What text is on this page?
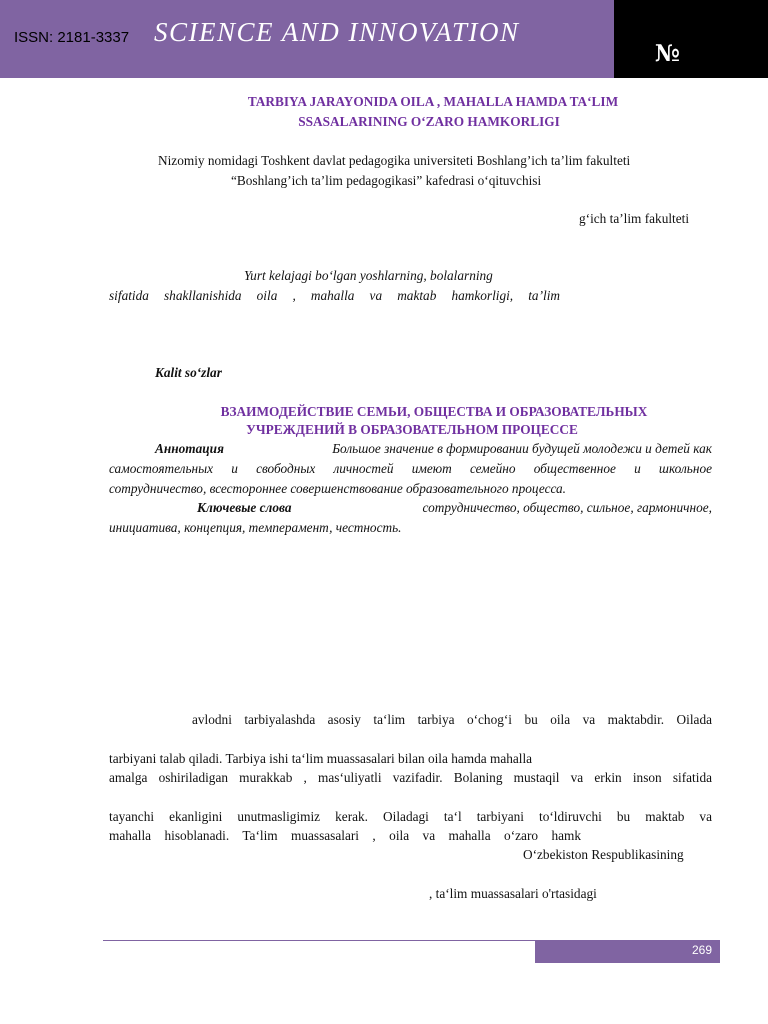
ISSN: 2181-3337 SCIENCE AND INNOVATION
№
TARBIYA JARAYONIDA OILA , MAHALLA HAMDA TA‘LIM
SSASALARINING O‘ZARO HAMKORLIGI
Nizomiy nomidagi Toshkent davlat pedagogika universiteti Boshlang’ich ta’lim fakulteti
“Boshlang’ich ta’lim pedagogikasi” kafedrasi o‘qituvchisi
g‘ich ta’lim fakulteti
Yurt kelajagi bo‘lgan yoshlarning, bolalarning
sifatida shakllanishida oila , mahalla va maktab hamkorligi, ta’lim
Kalit so‘zlar
ВЗАИМОДЕЙСТВИЕ СЕМЬИ, ОБЩЕСТВА И ОБРАЗОВАТЕЛЬНЫХ
УЧРЕЖДЕНИЙ В ОБРАЗОВАТЕЛЬНОМ ПРОЦЕССЕ
Аннотация	Большое значение в формировании будущей молодежи и детей как
самостоятельных и свободных личностей имеют семейно общественное и школьное
сотрудничество, всестороннее совершенствование образовательного процесса.
Ключевые слова	сотрудничество, общество, сильное, гармоничное,
инициатива, концепция, темперамент, честность.
avlodni tarbiyalashda asosiy ta‘lim tarbiya o‘chog‘i bu oila va maktabdir. Oilada
tarbiyani talab qiladi. Tarbiya ishi ta‘lim muassasalari bilan oila hamda mahalla
amalga oshiriladigan murakkab , mas‘uliyatli vazifadir. Bolaning mustaqil va erkin inson sifatida
tayanchi ekanligini unutmasligimiz kerak. Oiladagi ta‘l tarbiyani to‘ldiruvchi bu maktab va
mahalla hisoblanadi. Ta‘lim muassasalari , oila va mahalla o‘zaro hamk
O‘zbekiston Respublikasining
, ta‘lim muassasalari o'rtasidagi
269
